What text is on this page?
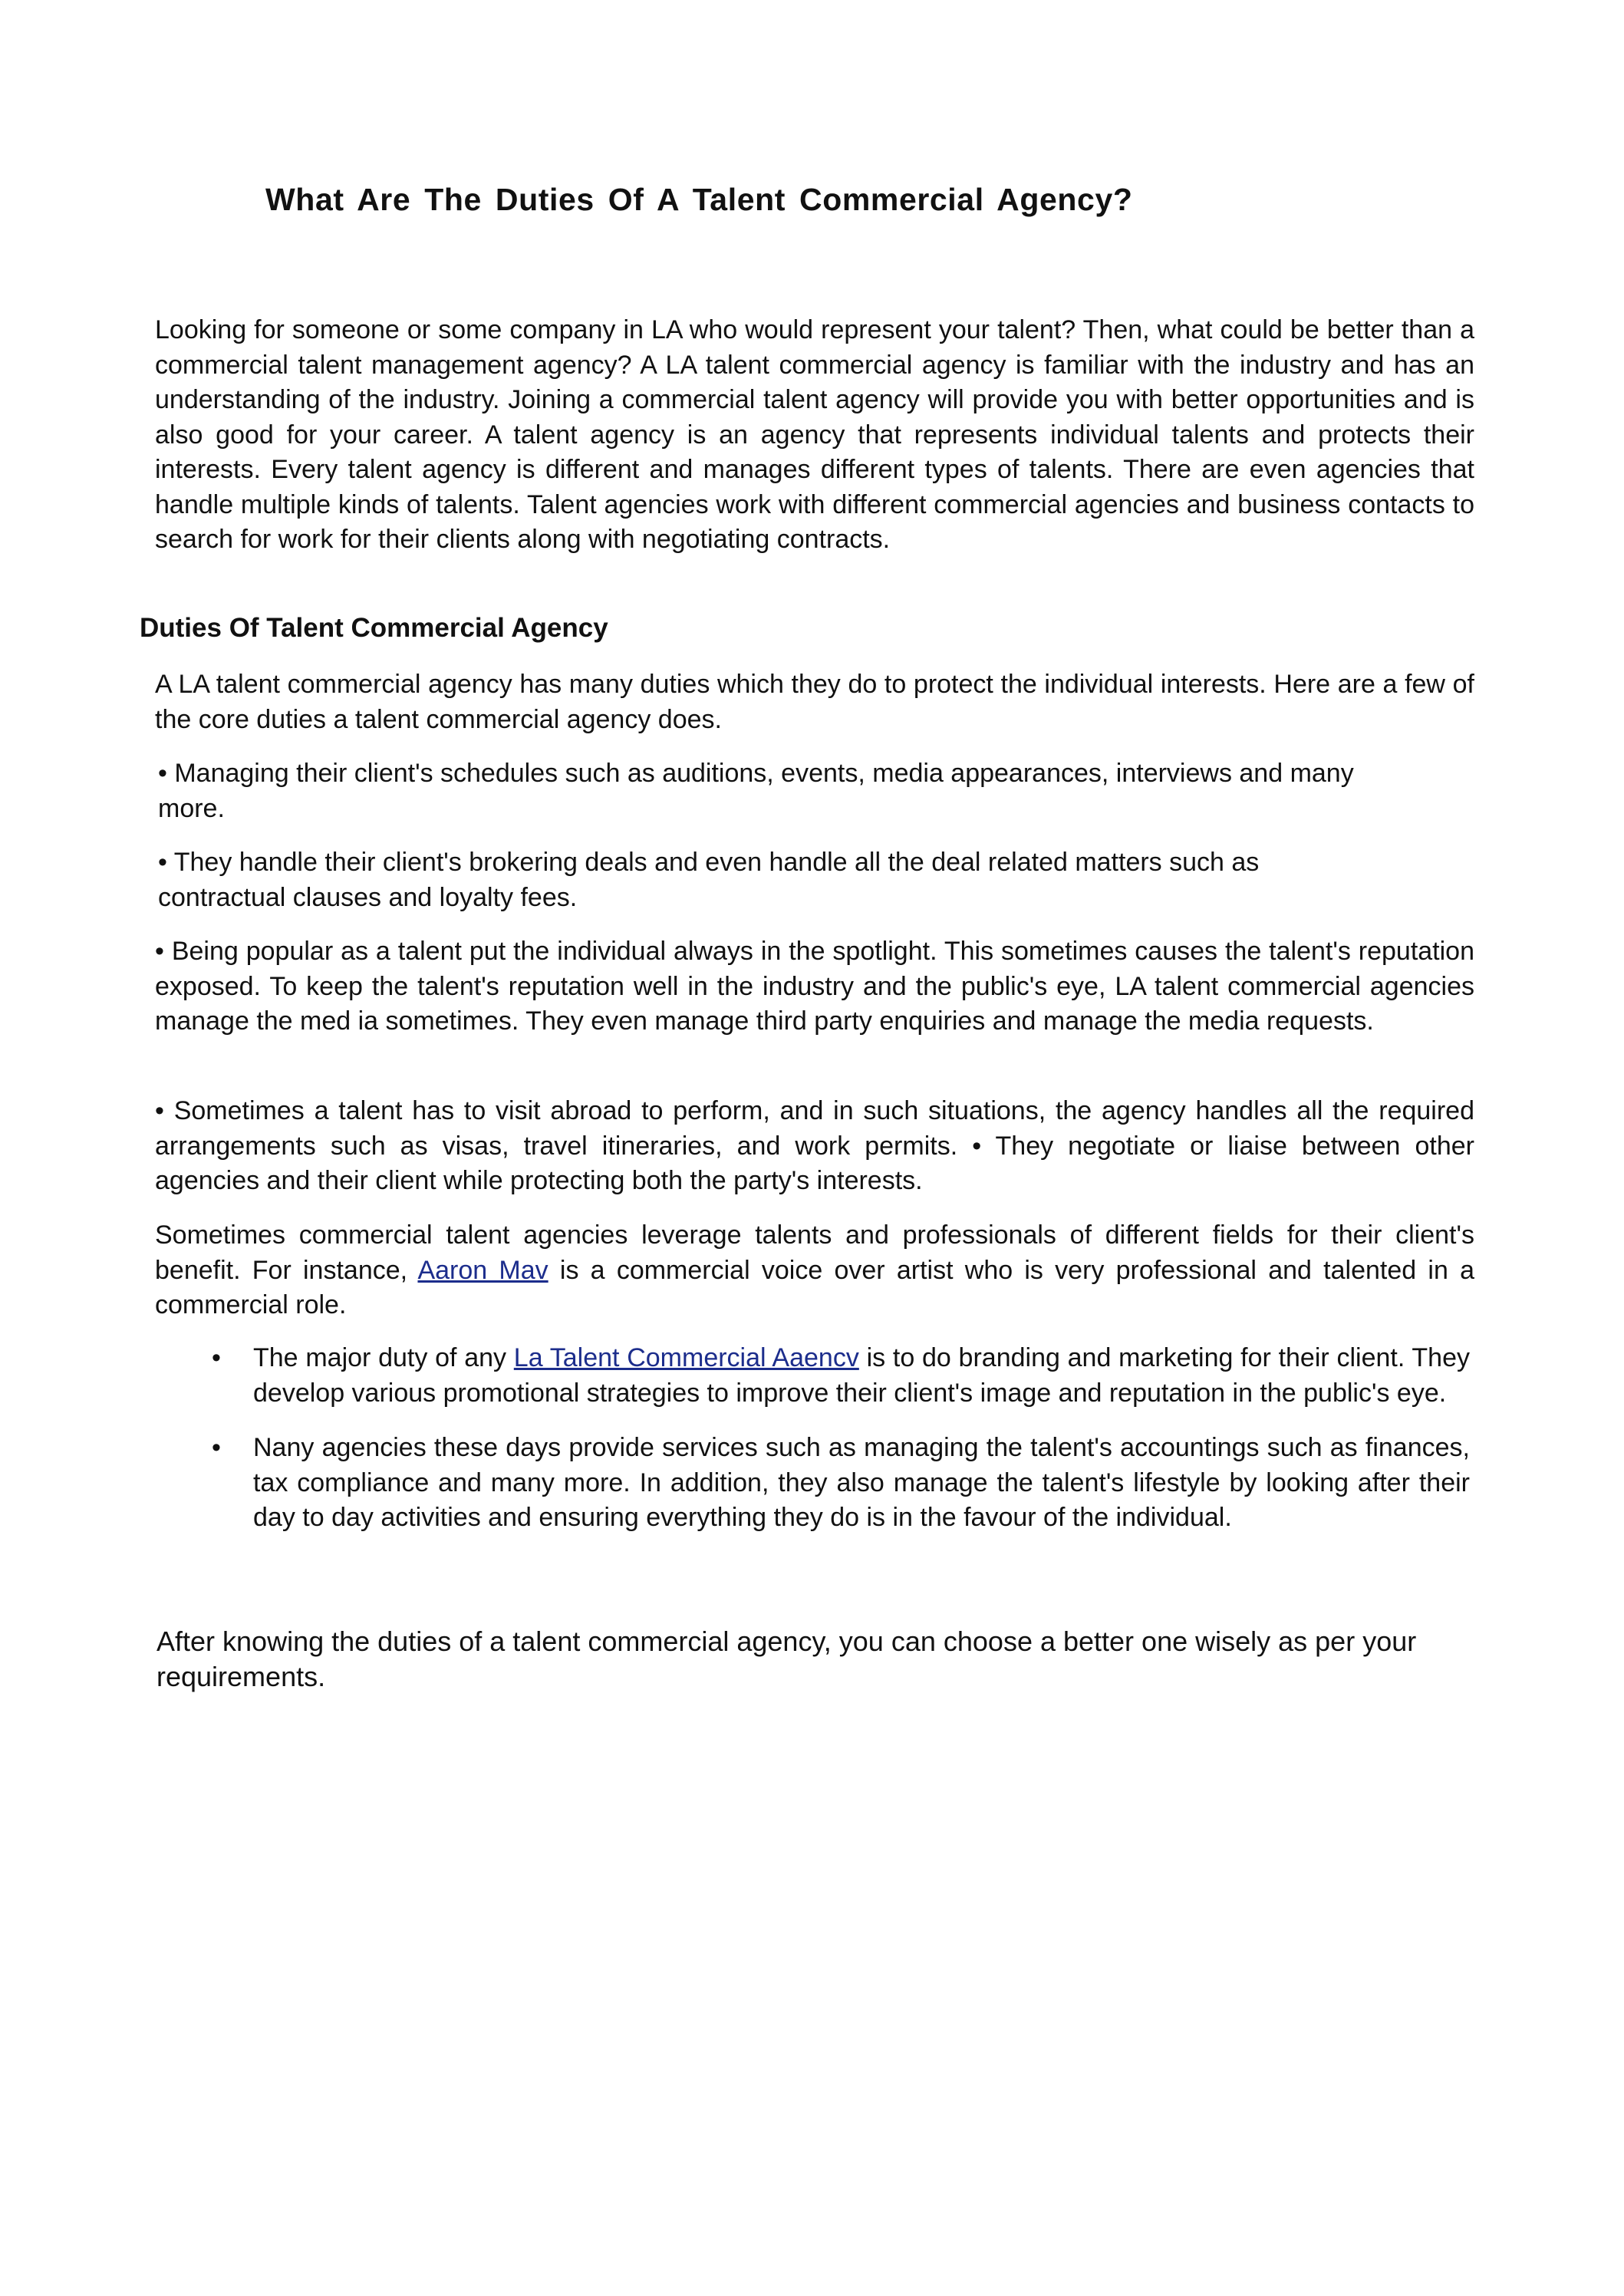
What Are The Duties Of A Talent Commercial Agency?

Looking for someone or some company in LA who would represent your talent? Then, what could be better than a commercial talent management agency? A LA talent commercial agency is familiar with the industry and has an understanding of the industry. Joining a commercial talent agency will provide you with better opportunities and is also good for your career. A talent agency is an agency that represents individual talents and protects their interests. Every talent agency is different and manages different types of talents. There are even agencies that handle multiple kinds of talents. Talent agencies work with different commercial agencies and business contacts to search for work for their clients along with negotiating contracts.

Duties Of Talent Commercial Agency

A LA talent commercial agency has many duties which they do to protect the individual interests. Here are a few of the core duties a talent commercial agency does.

• Managing their client's schedules such as auditions, events, media appearances, interviews and many more.

• They handle their client's brokering deals and even handle all the deal related matters such as contractual clauses and loyalty fees.

• Being popular as a talent put the individual always in the spotlight. This sometimes causes the talent's reputation exposed. To keep the talent's reputation well in the industry and the public's eye, LA talent commercial agencies manage the med ia sometimes. They even manage third party enquiries and manage the media requests.

• Sometimes a talent has to visit abroad to perform, and in such situations, the agency handles all the required arrangements such as visas, travel itineraries, and work permits. • They negotiate or liaise between other agencies and their client while protecting both the party's interests.

Sometimes commercial talent agencies leverage talents and professionals of different fields for their client's benefit. For instance, Aaron Mav is a commercial voice over artist who is very professional and talented in a commercial role.

• The major duty of any La Talent Commercial Aaencv is to do branding and marketing for their client. They develop various promotional strategies to improve their client's image and reputation in the public's eye.
• Nany agencies these days provide services such as managing the talent's accountings such as finances, tax compliance and many more. In addition, they also manage the talent's lifestyle by looking after their day to day activities and ensuring everything they do is in the favour of the individual.

After knowing the duties of a talent commercial agency, you can choose a better one wisely as per your requirements.
